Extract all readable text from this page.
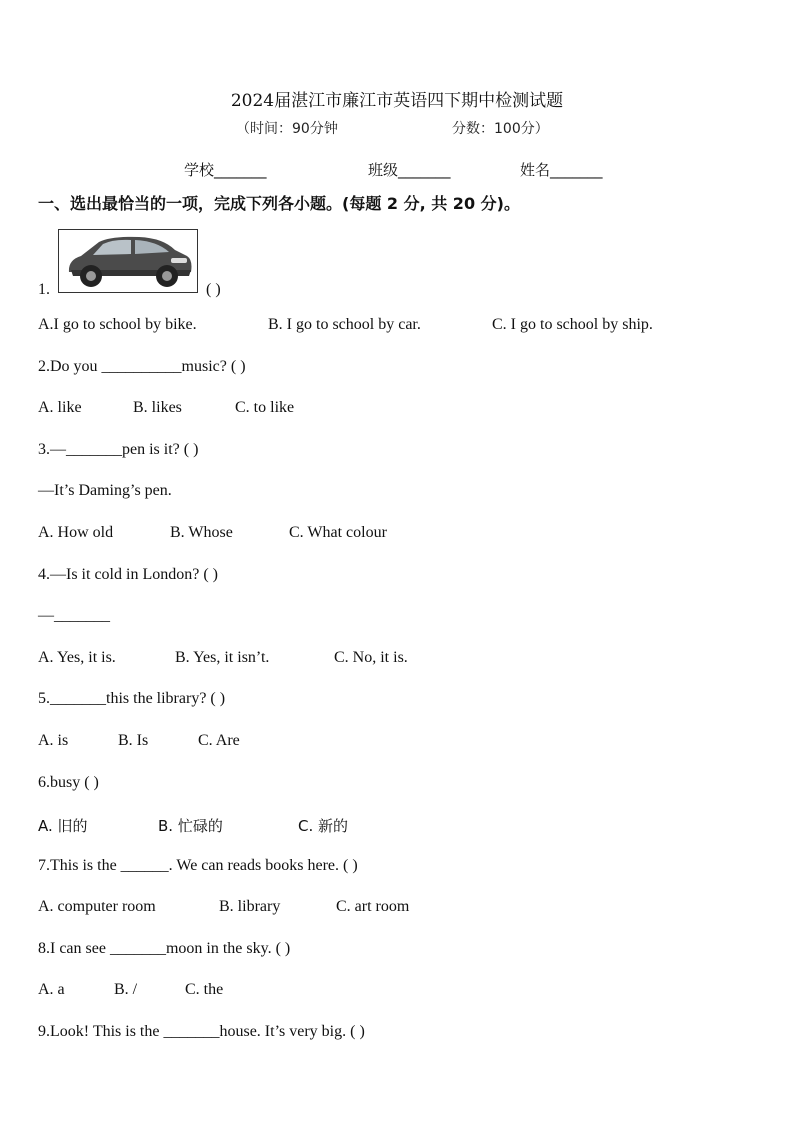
2024届湛江市廉江市英语四下期中检测试题
（时间：90分钟	分数：100分）
学校_______	班级_______	姓名_______
一、选出最恰当的一项，完成下列各小题。(每题 2 分, 共 20 分)。
1.	( )
A.I go to school by bike.	B. I go to school by car.	C. I go to school by ship.
2.Do you __________music? ( )
A. like	B. likes	C. to like
3.—_______pen is it? ( )
—It’s Daming’s pen.
A. How old	B. Whose	C. What colour
4.—Is it cold in London? ( )
—_______
A. Yes, it is.	B. Yes, it isn’t.	C. No, it is.
5._______this the library? ( )
A. is	B. Is	C. Are
6.busy ( )
A. 旧的	B. 忙碌的	C. 新的
7.This is the ______. We can reads books here. ( )
A. computer room	B. library	C. art room
8.I can see _______moon in the sky. ( )
A. a	B. /	C. the
9.Look! This is the _______house. It’s very big. ( )
